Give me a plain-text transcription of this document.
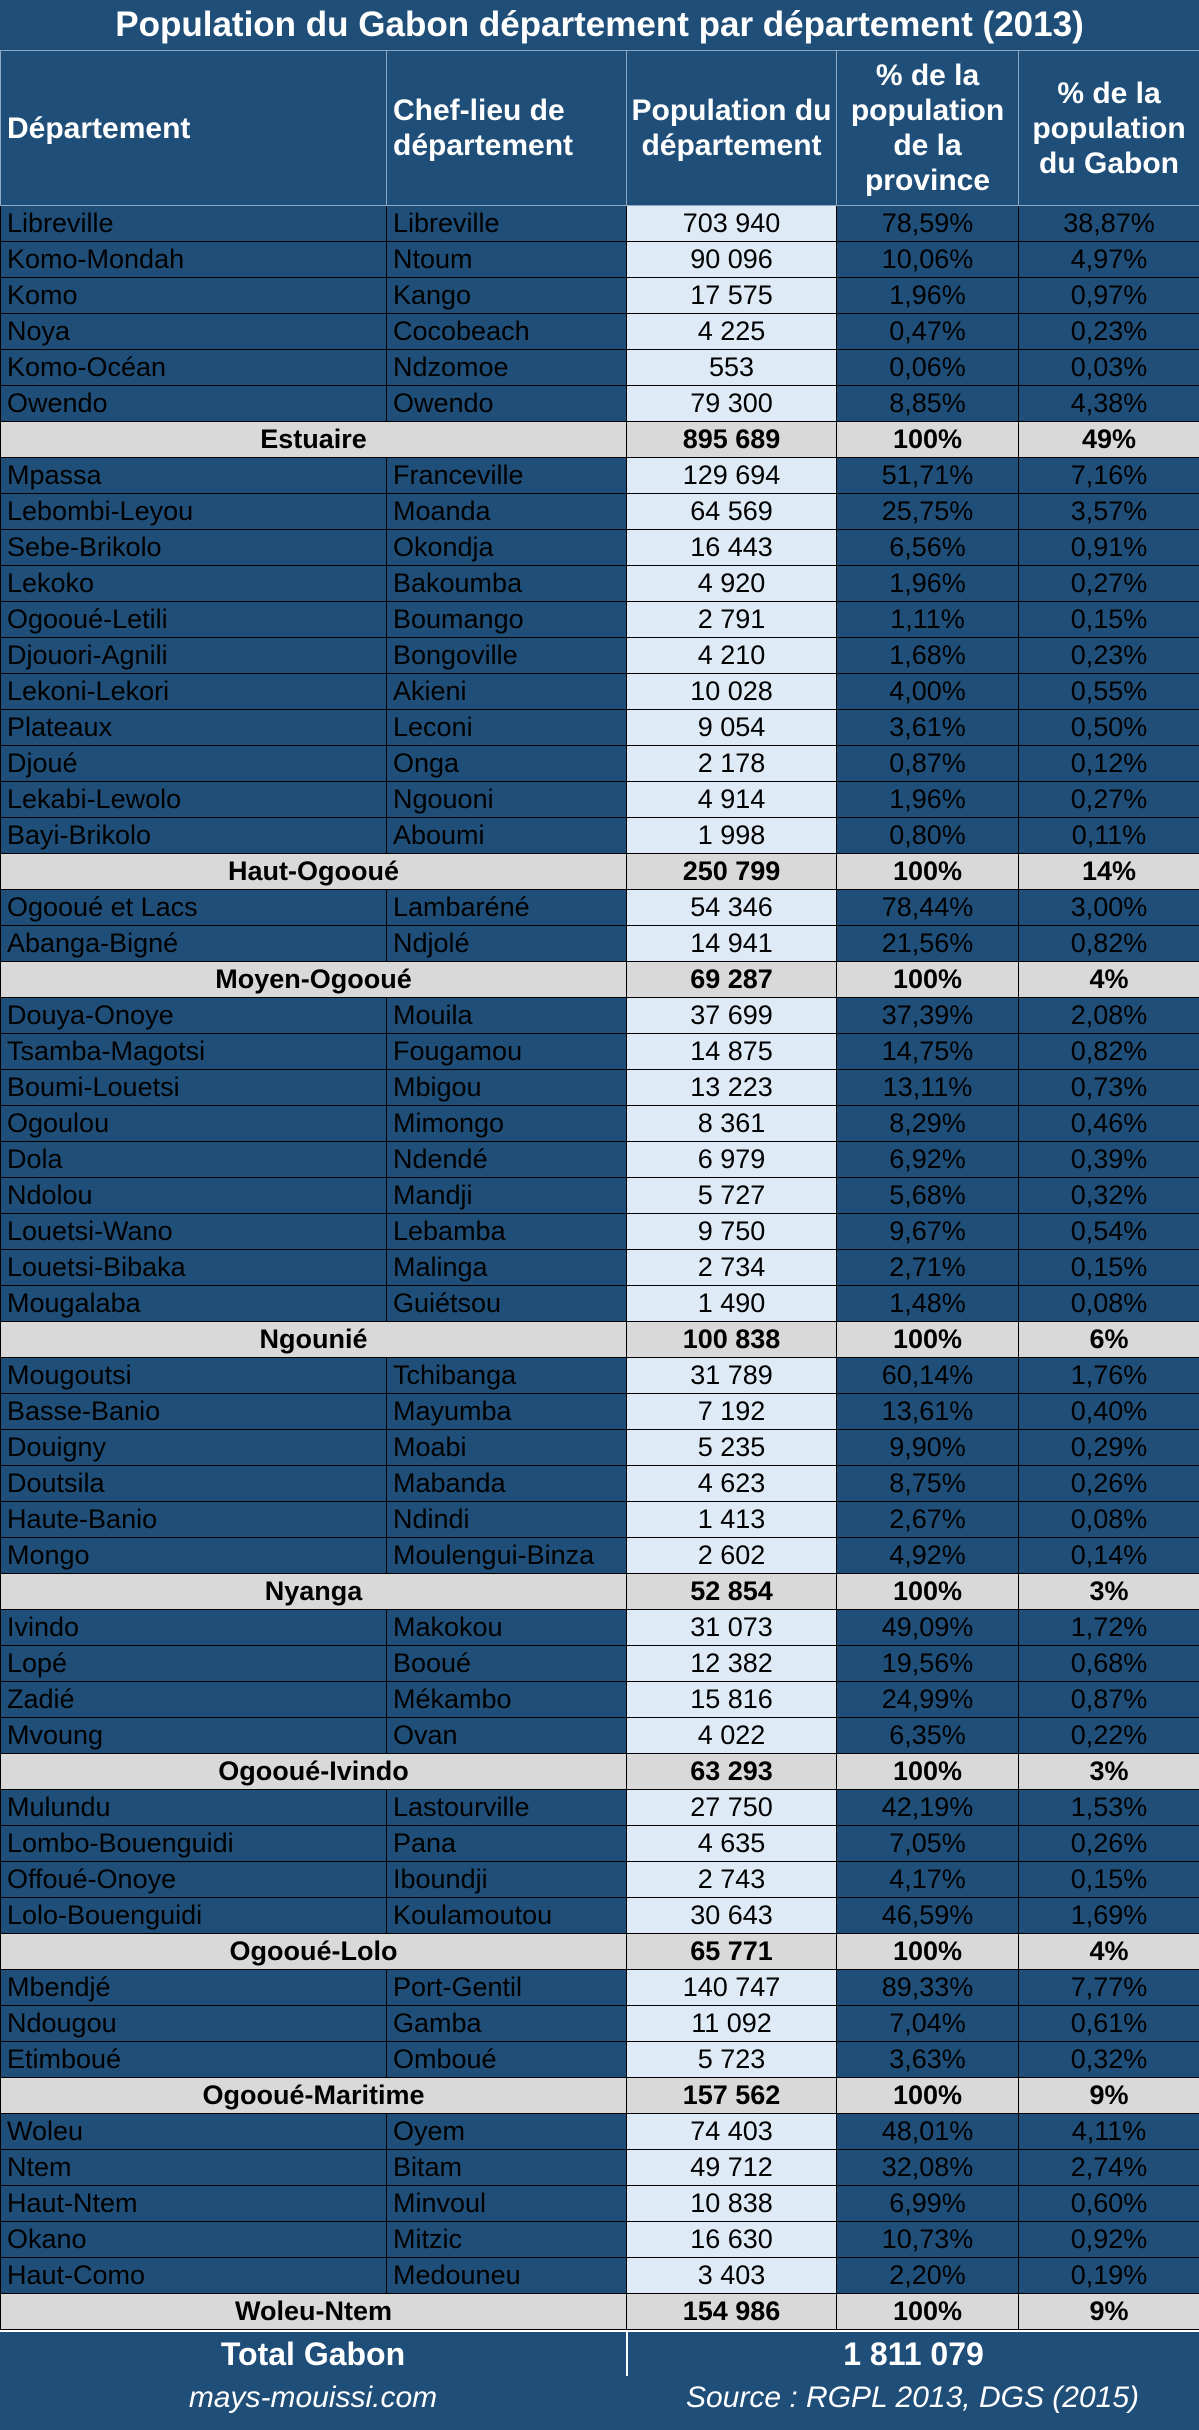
Population du Gabon département par département (2013)
Département	Chef-lieu de département	Population du département	% de la population de la province	% de la population du Gabon
Libreville	Libreville	703 940	78,59%	38,87%
Komo-Mondah	Ntoum	90 096	10,06%	4,97%
Komo	Kango	17 575	1,96%	0,97%
Noya	Cocobeach	4 225	0,47%	0,23%
Komo-Océan	Ndzomoe	553	0,06%	0,03%
Owendo	Owendo	79 300	8,85%	4,38%
Estuaire		895 689	100%	49%
Mpassa	Franceville	129 694	51,71%	7,16%
Lebombi-Leyou	Moanda	64 569	25,75%	3,57%
Sebe-Brikolo	Okondja	16 443	6,56%	0,91%
Lekoko	Bakoumba	4 920	1,96%	0,27%
Ogooué-Letili	Boumango	2 791	1,11%	0,15%
Djouori-Agnili	Bongoville	4 210	1,68%	0,23%
Lekoni-Lekori	Akieni	10 028	4,00%	0,55%
Plateaux	Leconi	9 054	3,61%	0,50%
Djoué	Onga	2 178	0,87%	0,12%
Lekabi-Lewolo	Ngouoni	4 914	1,96%	0,27%
Bayi-Brikolo	Aboumi	1 998	0,80%	0,11%
Haut-Ogooué		250 799	100%	14%
Ogooué et Lacs	Lambaréné	54 346	78,44%	3,00%
Abanga-Bigné	Ndjolé	14 941	21,56%	0,82%
Moyen-Ogooué		69 287	100%	4%
Douya-Onoye	Mouila	37 699	37,39%	2,08%
Tsamba-Magotsi	Fougamou	14 875	14,75%	0,82%
Boumi-Louetsi	Mbigou	13 223	13,11%	0,73%
Ogoulou	Mimongo	8 361	8,29%	0,46%
Dola	Ndendé	6 979	6,92%	0,39%
Ndolou	Mandji	5 727	5,68%	0,32%
Louetsi-Wano	Lebamba	9 750	9,67%	0,54%
Louetsi-Bibaka	Malinga	2 734	2,71%	0,15%
Mougalaba	Guiétsou	1 490	1,48%	0,08%
Ngounié		100 838	100%	6%
Mougoutsi	Tchibanga	31 789	60,14%	1,76%
Basse-Banio	Mayumba	7 192	13,61%	0,40%
Douigny	Moabi	5 235	9,90%	0,29%
Doutsila	Mabanda	4 623	8,75%	0,26%
Haute-Banio	Ndindi	1 413	2,67%	0,08%
Mongo	Moulengui-Binza	2 602	4,92%	0,14%
Nyanga		52 854	100%	3%
Ivindo	Makokou	31 073	49,09%	1,72%
Lopé	Booué	12 382	19,56%	0,68%
Zadié	Mékambo	15 816	24,99%	0,87%
Mvoung	Ovan	4 022	6,35%	0,22%
Ogooué-Ivindo		63 293	100%	3%
Mulundu	Lastourville	27 750	42,19%	1,53%
Lombo-Bouenguidi	Pana	4 635	7,05%	0,26%
Offoué-Onoye	Iboundji	2 743	4,17%	0,15%
Lolo-Bouenguidi	Koulamoutou	30 643	46,59%	1,69%
Ogooué-Lolo		65 771	100%	4%
Mbendjé	Port-Gentil	140 747	89,33%	7,77%
Ndougou	Gamba	11 092	7,04%	0,61%
Etimboué	Omboué	5 723	3,63%	0,32%
Ogooué-Maritime		157 562	100%	9%
Woleu	Oyem	74 403	48,01%	4,11%
Ntem	Bitam	49 712	32,08%	2,74%
Haut-Ntem	Minvoul	10 838	6,99%	0,60%
Okano	Mitzic	16 630	10,73%	0,92%
Haut-Como	Medouneu	3 403	2,20%	0,19%
Woleu-Ntem		154 986	100%	9%
Total Gabon	1 811 079
mays-mouissi.com	Source : RGPL 2013, DGS (2015)
